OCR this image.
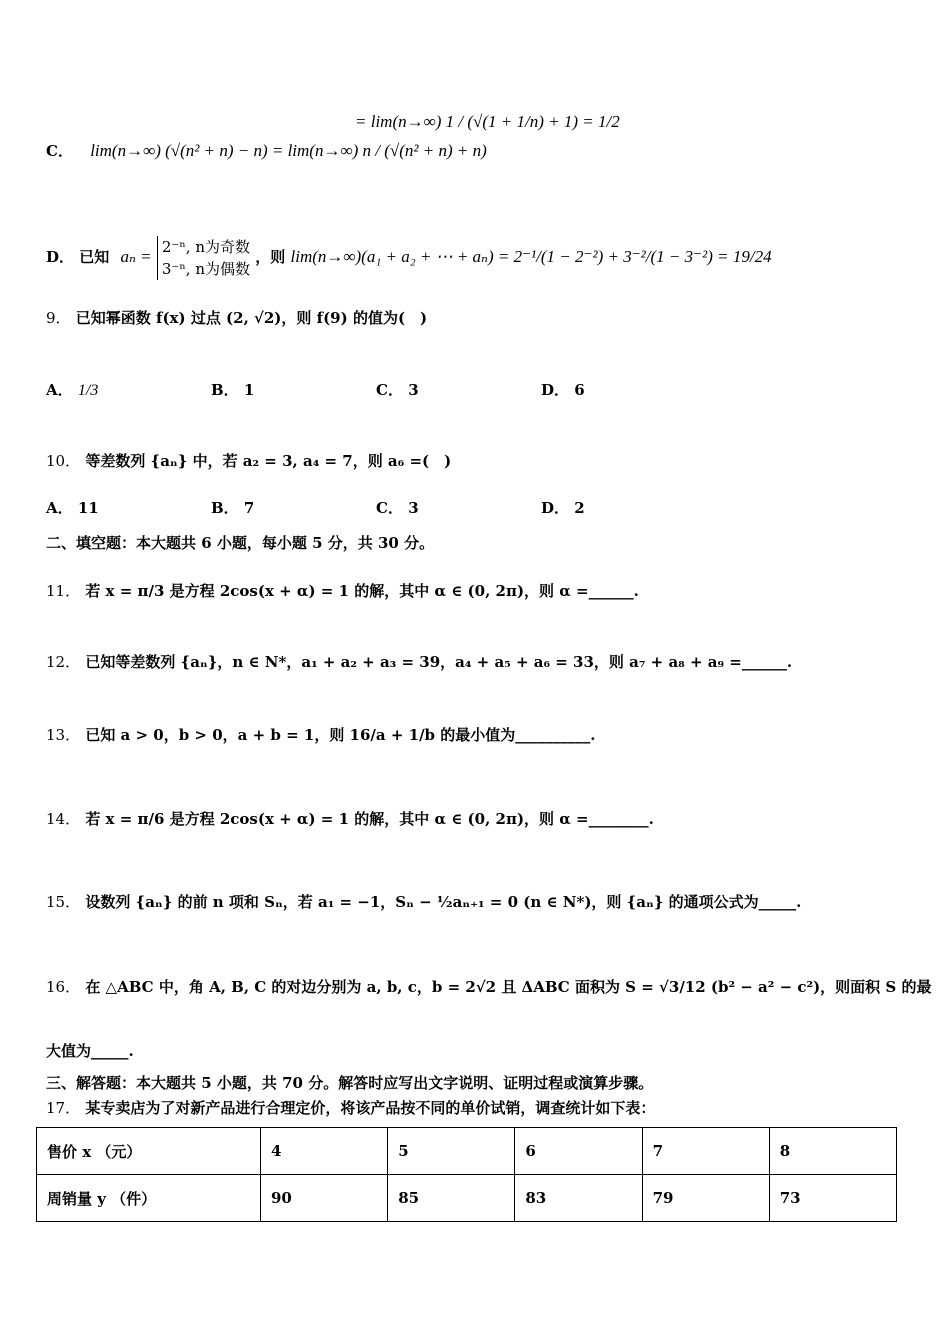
C． lim(n→∞) (√(n² + n) − n) = lim(n→∞) n / (√(n² + n) + n)
= lim(n→∞) 1 / (√(1 + 1/n) + 1) = 1/2
D． 已知 aₙ = 2⁻ⁿ, n为奇数
3⁻ⁿ, n为偶数
，则 lim(n→∞)(a₁ + a₂ + ⋯ + aₙ) = 2⁻¹/(1 − 2⁻²) + 3⁻²/(1 − 3⁻²) = 19/24
9． 已知幂函数 f(x) 过点 (2, √2)，则 f(9) 的值为(　)
A． 1/3	B． 1	C． 3	D． 6
10． 等差数列 {aₙ} 中，若 a₂ = 3, a₄ = 7，则 a₆ =(　)
A． 11	B． 7	C． 3	D． 2
二、填空题：本大题共 6 小题，每小题 5 分，共 30 分。
11． 若 x = π/3 是方程 2cos(x + α) = 1 的解，其中 α ∈ (0, 2π)，则 α =______.
12． 已知等差数列 {aₙ}，n ∈ N*，a₁ + a₂ + a₃ = 39，a₄ + a₅ + a₆ = 33，则 a₇ + a₈ + a₉ =______.
13． 已知 a > 0，b > 0，a + b = 1，则 16/a + 1/b 的最小值为__________.
14． 若 x = π/6 是方程 2cos(x + α) = 1 的解，其中 α ∈ (0, 2π)，则 α =________.
15． 设数列 {aₙ} 的前 n 项和 Sₙ，若 a₁ = −1，Sₙ − ½aₙ₊₁ = 0 (n ∈ N*)，则 {aₙ} 的通项公式为_____.
16． 在 △ABC 中，角 A, B, C 的对边分别为 a, b, c，b = 2√2 且 ΔABC 面积为 S = √3/12 (b² − a² − c²)，则面积 S 的最
大值为_____.
三、解答题：本大题共 5 小题，共 70 分。解答时应写出文字说明、证明过程或演算步骤。
17． 某专卖店为了对新产品进行合理定价，将该产品按不同的单价试销，调查统计如下表：
售价 x （元）	4	5	6	7	8
周销量 y （件）	90	85	83	79	73
